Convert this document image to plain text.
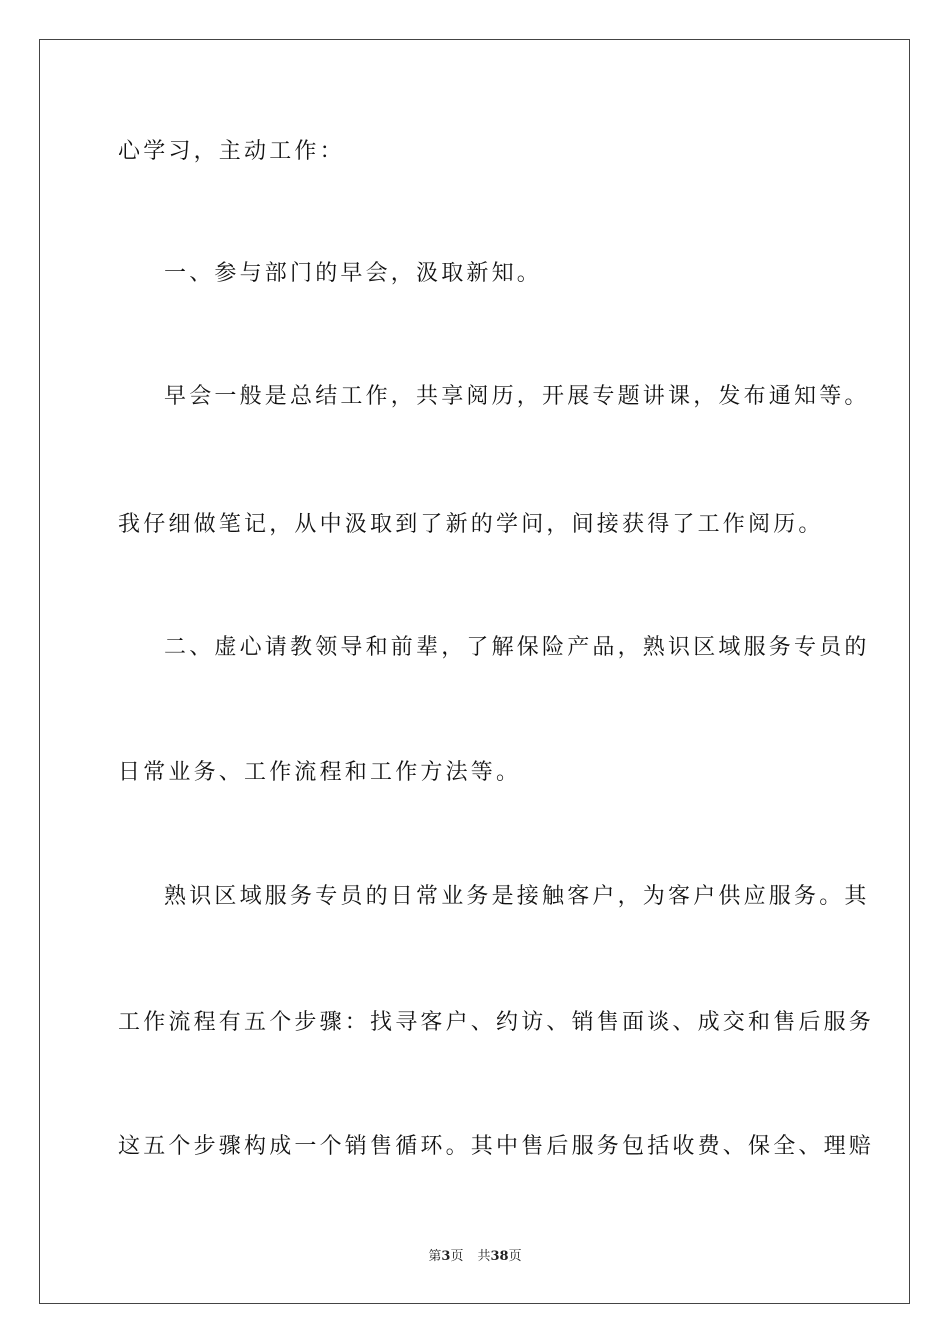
心学习，主动工作：
一、参与部门的早会，汲取新知。
早会一般是总结工作，共享阅历，开展专题讲课，发布通知等。
我仔细做笔记，从中汲取到了新的学问，间接获得了工作阅历。
二、虚心请教领导和前辈，了解保险产品，熟识区域服务专员的
日常业务、工作流程和工作方法等。
熟识区域服务专员的日常业务是接触客户，为客户供应服务。其
工作流程有五个步骤：找寻客户、约访、销售面谈、成交和售后服务
这五个步骤构成一个销售循环。其中售后服务包括收费、保全、理赔
第3页 共38页
